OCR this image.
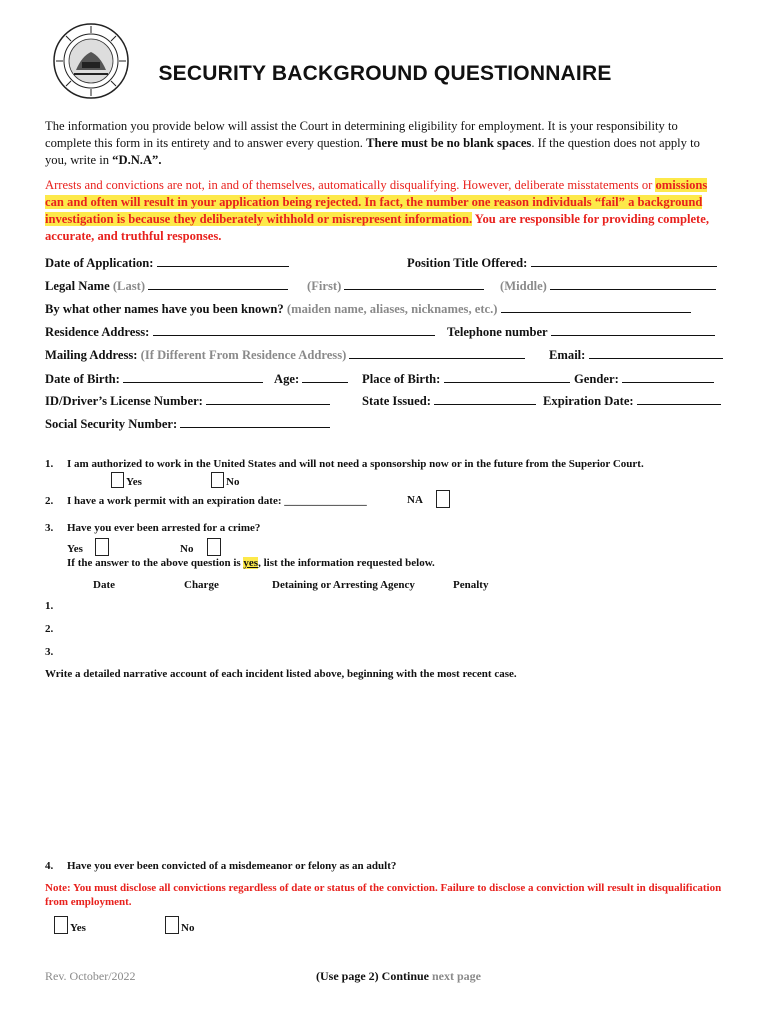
SECURITY BACKGROUND QUESTIONNAIRE
The information you provide below will assist the Court in determining eligibility for employment. It is your responsibility to complete this form in its entirety and to answer every question. There must be no blank spaces. If the question does not apply to you, write in “D.N.A”.
Arrests and convictions are not, in and of themselves, automatically disqualifying. However, deliberate misstatements or omissions can and often will result in your application being rejected. In fact, the number one reason individuals “fail” a background investigation is because they deliberately withhold or misrepresent information. You are responsible for providing complete, accurate, and truthful responses.
Date of Application:	Position Title Offered:
Legal Name (Last)	(First)	(Middle)
By what other names have you been known? (maiden name, aliases, nicknames, etc.)
Residence Address:	Telephone number
Mailing Address: (If Different From Residence Address)	Email:
Date of Birth:	Age:	Place of Birth:	Gender:
ID/Driver’s License Number:	State Issued:	Expiration Date:
Social Security Number:
1. I am authorized to work in the United States and will not need a sponsorship now or in the future from the Superior Court.
Yes	No
2. I have a work permit with an expiration date: _______________	NA
3. Have you ever been arrested for a crime?
Yes	No
If the answer to the above question is yes, list the information requested below.
Date	Charge	Detaining or Arresting Agency	Penalty
1.
2.
3.
Write a detailed narrative account of each incident listed above, beginning with the most recent case.
4. Have you ever been convicted of a misdemeanor or felony as an adult?
Note: You must disclose all convictions regardless of date or status of the conviction. Failure to disclose a conviction will result in disqualification from employment.
Yes	No
Rev. October/2022	(Use page 2) Continue next page
